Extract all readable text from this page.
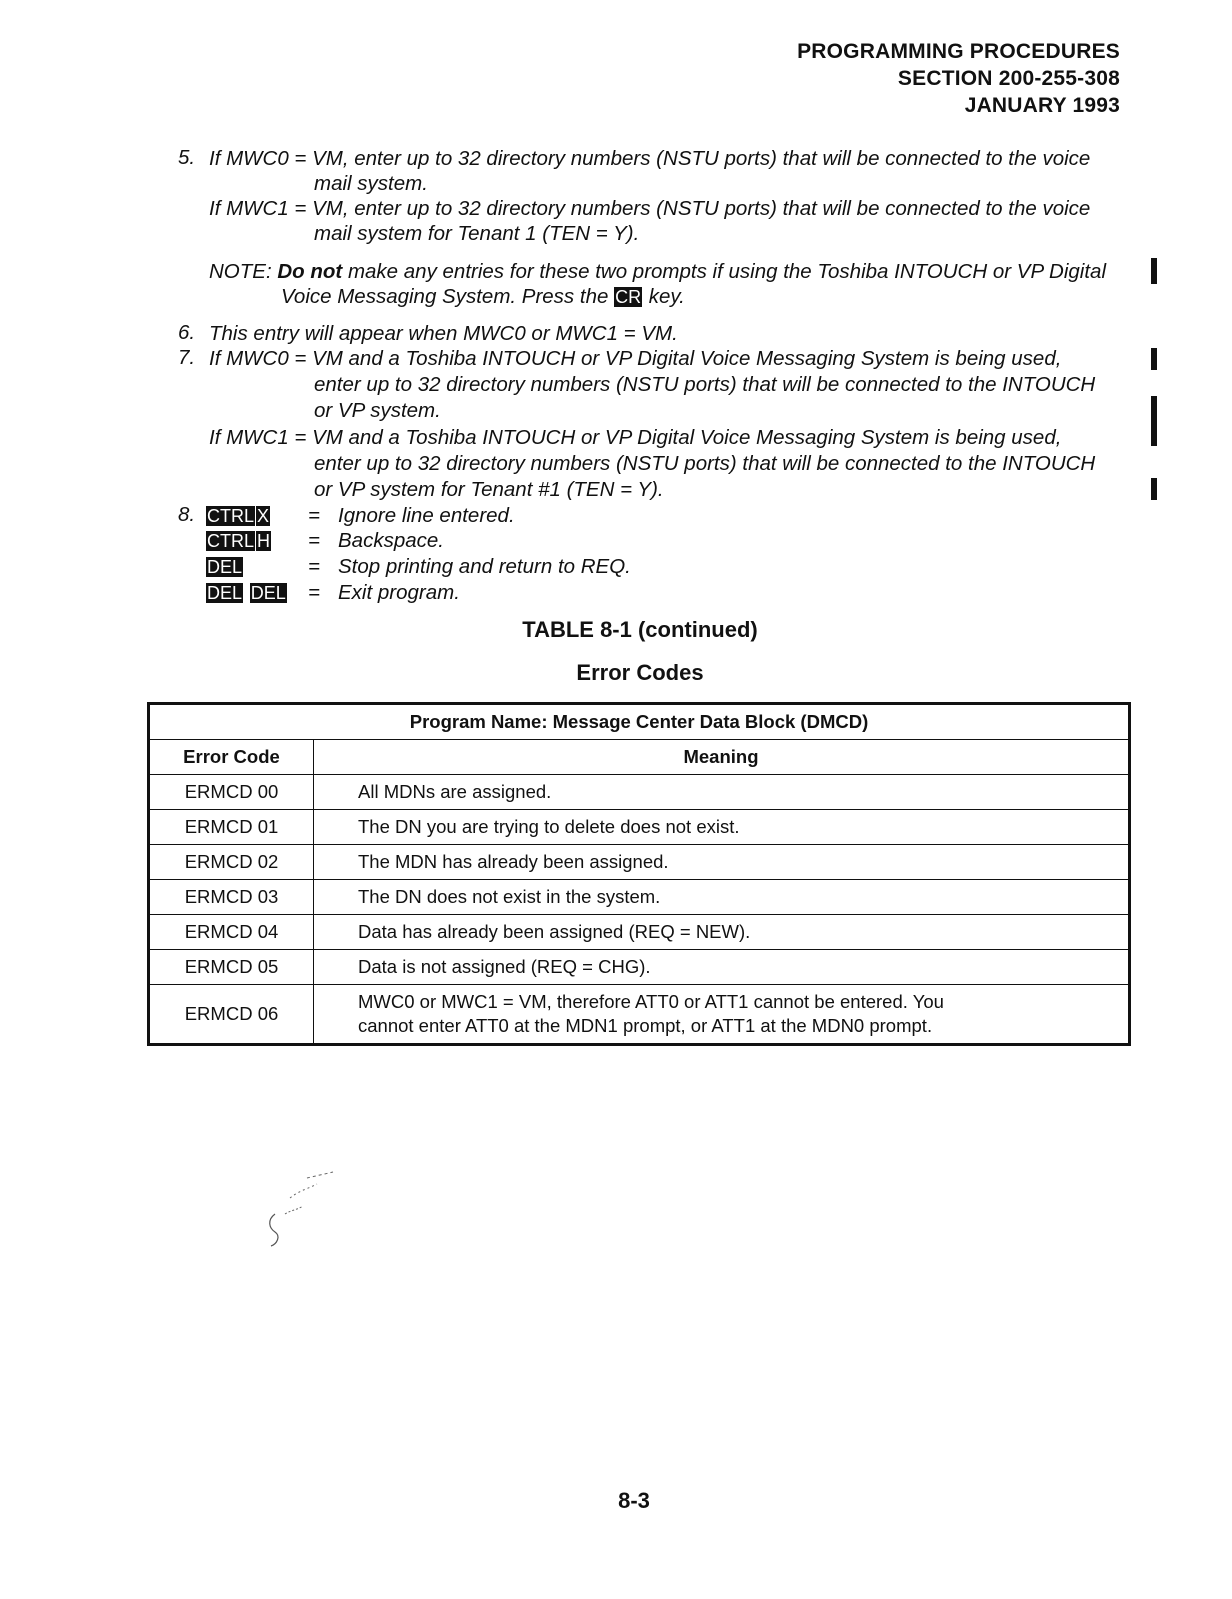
PROGRAMMING PROCEDURES
SECTION 200-255-308
JANUARY 1993
5. If MWC0 = VM, enter up to 32 directory numbers (NSTU ports) that will be connected to the voice
mail system.
If MWC1 = VM, enter up to 32 directory numbers (NSTU ports) that will be connected to the voice
mail system for Tenant 1 (TEN = Y).
NOTE: Do not make any entries for these two prompts if using the Toshiba INTOUCH or VP Digital
Voice Messaging System. Press the CR key.
6. This entry will appear when MWC0 or MWC1 = VM.
7. If MWC0 = VM and a Toshiba INTOUCH or VP Digital Voice Messaging System is being used,
enter up to 32 directory numbers (NSTU ports) that will be connected to the INTOUCH
or VP system.
If MWC1 = VM and a Toshiba INTOUCH or VP Digital Voice Messaging System is being used,
enter up to 32 directory numbers (NSTU ports) that will be connected to the INTOUCH
or VP system for Tenant #1 (TEN = Y).
8. CTRL X = Ignore line entered.
CTRL H = Backspace.
DEL	= Stop printing and return to REQ.
DEL DEL = Exit program.
TABLE 8-1 (continued)
Error Codes
Program Name: Message Center Data Block (DMCD)	
Error Code	Meaning
ERMCD 00	All MDNs are assigned.
ERMCD 01	The DN you are trying to delete does not exist.
ERMCD 02	The MDN has already been assigned.
ERMCD 03	The DN does not exist in the system.
ERMCD 04	Data has already been assigned (REQ = NEW).
ERMCD 05	Data is not assigned (REQ = CHG).
ERMCD 06	MWC0 or MWC1 = VM, therefore ATT0 or ATT1 cannot be entered. You
cannot enter ATT0 at the MDN1 prompt, or ATT1 at the MDN0 prompt.
8-3
